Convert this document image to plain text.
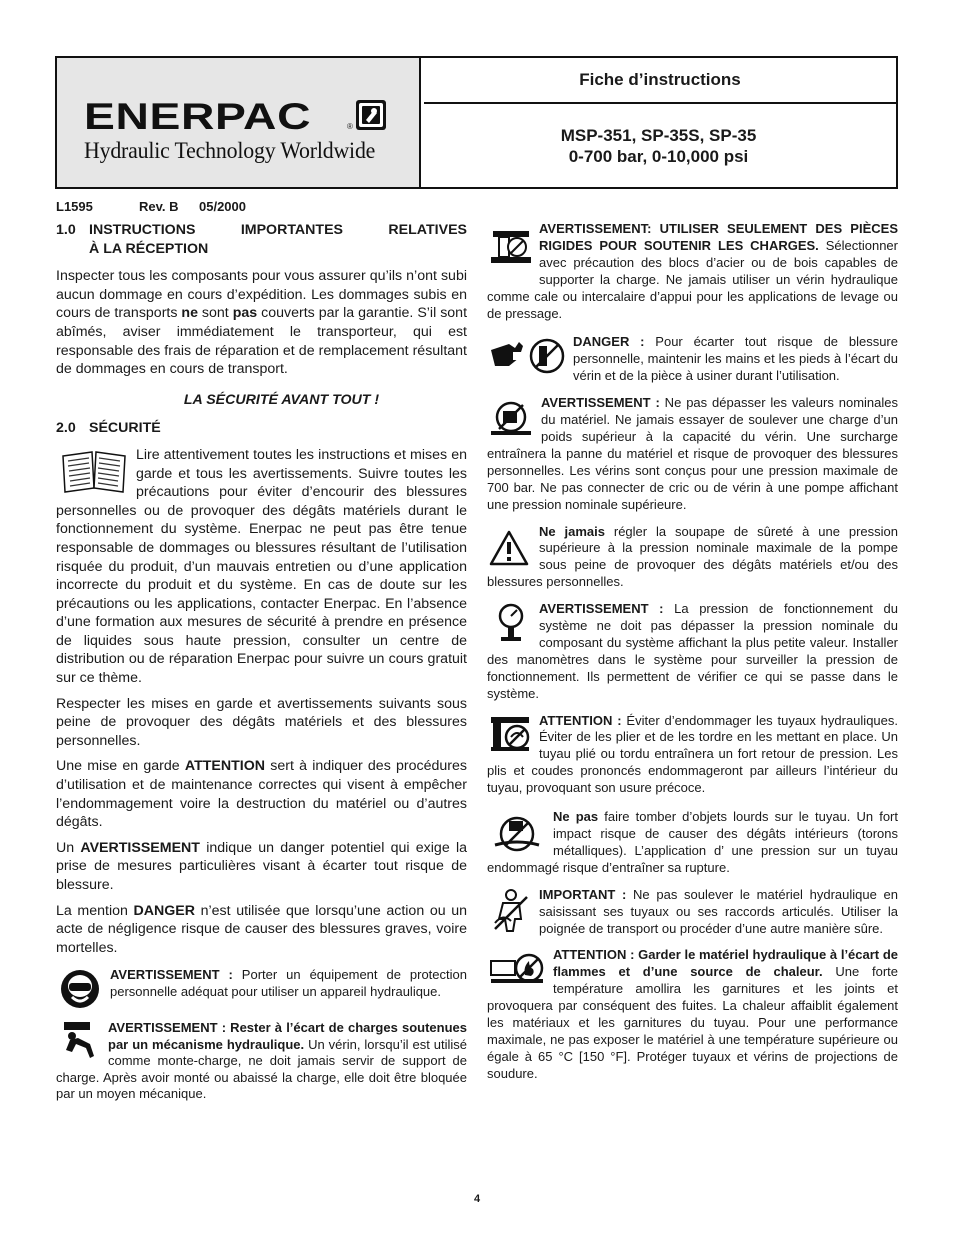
ENERPAC	®
Hydraulic Technology Worldwide
Fiche d’instructions
MSP-351, SP-35S, SP-35
0-700 bar, 0-10,000 psi
L1595	Rev. B 05/2000
1.0 INSTRUCTIONS IMPORTANTES RELATIVES
À LA RÉCEPTION

Inspecter tous les composants pour vous assurer qu’ils n’ont subi aucun dommage en cours d’expédition. Les dommages subis en cours de transports ne sont pas couverts par la garantie. S’il sont abîmés, aviser immédiatement le transporteur, qui est responsable des frais de réparation et de remplacement résultant de dommages en cours de transport.

LA SÉCURITÉ AVANT TOUT !
2.0 SÉCURITÉ

Lire attentivement toutes les instructions et mises en garde et tous les avertissements. Suivre toutes les précautions pour éviter d’encourir des blessures personnelles ou de provoquer des dégâts matériels durant le fonctionnement du système. Enerpac ne peut pas être tenue responsable de dommages ou blessures résultant de l’utilisation risquée du produit, d’un mauvais entretien ou d’une application incorrecte du produit et du système. En cas de doute sur les précautions ou les applications, contacter Enerpac. En l’absence d’une formation aux mesures de sécurité à prendre en présence de liquides sous haute pression, consulter un centre de distribution ou de réparation Enerpac pour suivre un cours gratuit sur ce thème.

Respecter les mises en garde et avertissements suivants sous peine de provoquer des dégâts matériels et des blessures personnelles.

Une mise en garde ATTENTION sert à indiquer des procédures d’utilisation et de maintenance correctes qui visent à empêcher l’endommagement voire la destruction du matériel ou d’autres dégâts.

Un AVERTISSEMENT indique un danger potentiel qui exige la prise de mesures particulières visant à écarter tout risque de blessure.

La mention DANGER n’est utilisée que lorsqu’une action ou un acte de négligence risque de causer des blessures graves, voire mortelles.

AVERTISSEMENT : Porter un équipement de protection personnelle adéquat pour utiliser un appareil hydraulique.

AVERTISSEMENT : Rester à l’écart de charges soutenues par un mécanisme hydraulique. Un vérin, lorsqu’il est utilisé comme monte-charge, ne doit jamais servir de support de charge. Après avoir monté ou abaissé la charge, elle doit être bloquée par un moyen mécanique.

AVERTISSEMENT: UTILISER SEULEMENT DES PIÈCES RIGIDES POUR SOUTENIR LES CHARGES. Sélectionner avec précaution des blocs d’acier ou de bois capables de supporter la charge. Ne jamais utiliser un vérin hydraulique comme cale ou intercalaire d’appui pour les applications de levage ou de pressage.

DANGER : Pour écarter tout risque de blessure personnelle, maintenir les mains et les pieds à l’écart du vérin et de la pièce à usiner durant l’utilisation.

AVERTISSEMENT : Ne pas dépasser les valeurs nominales du matériel. Ne jamais essayer de soulever une charge d’un poids supérieur à la capacité du vérin. Une surcharge entraînera la panne du matériel et risque de provoquer des blessures personnelles. Les vérins sont conçus pour une pression maximale de 700 bar. Ne pas connecter de cric ou de vérin à une pompe affichant une pression nominale supérieure.

Ne jamais régler la soupape de sûreté à une pression supérieure à la pression nominale maximale de la pompe sous peine de provoquer des dégâts matériels et/ou des blessures personnelles.

AVERTISSEMENT : La pression de fonctionnement du système ne doit pas dépasser la pression nominale du composant du système affichant la plus petite valeur. Installer des manomètres dans le système pour surveiller la pression de fonctionnement. Ils permettent de vérifier ce qui se passe dans le système.

ATTENTION : Éviter d’endommager les tuyaux hydrauliques. Éviter de les plier et de les tordre en les mettant en place. Un tuyau plié ou tordu entraînera un fort retour de pression. Les plis et coudes prononcés endommageront par ailleurs l’intérieur du tuyau, provoquant son usure précoce.

Ne pas faire tomber d’objets lourds sur le tuyau. Un fort impact risque de causer des dégâts intérieurs (torons métalliques). L’application d’ une pression sur un tuyau endommagé risque d’entraîner sa rupture.

IMPORTANT : Ne pas soulever le matériel hydraulique en saisissant ses tuyaux ou ses raccords articulés. Utiliser la poignée de transport ou procéder d’une autre manière sûre.

ATTENTION : Garder le matériel hydraulique à l’écart de flammes et d’une source de chaleur. Une forte température amollira les garnitures et les joints et provoquera par conséquent des fuites. La chaleur affaiblit également les matériaux et les garnitures du tuyau. Pour une performance maximale, ne pas exposer le matériel à une température supérieure ou égale à 65 °C [150 °F]. Protéger tuyaux et vérins de projections de soudure.

4
